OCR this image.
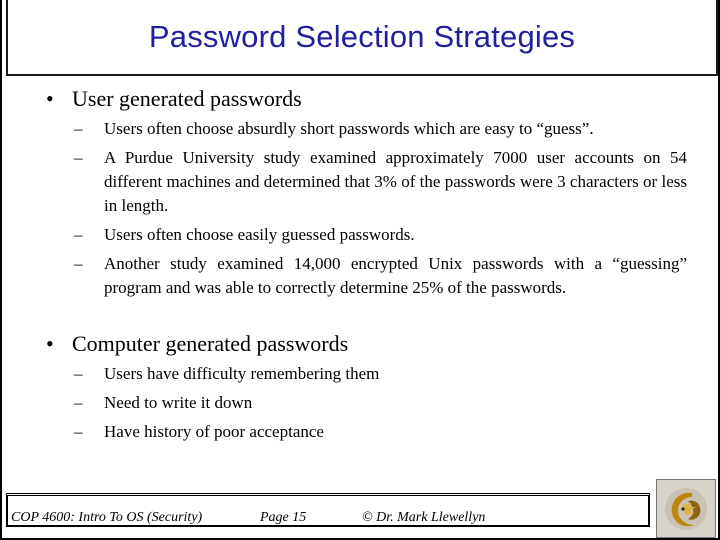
Password Selection Strategies
• User generated passwords
– Users often choose absurdly short passwords which are easy to “guess”.
– A Purdue University study examined approximately 7000 user accounts on 54 different machines and determined that 3% of the passwords were 3 characters or less in length.
– Users often choose easily guessed passwords.
– Another study examined 14,000 encrypted Unix passwords with a “guessing” program and was able to correctly determine 25% of the passwords.
• Computer generated passwords
– Users have difficulty remembering them
– Need to write it down
– Have history of poor acceptance
COP 4600: Intro To OS (Security)	Page 15	© Dr. Mark Llewellyn
